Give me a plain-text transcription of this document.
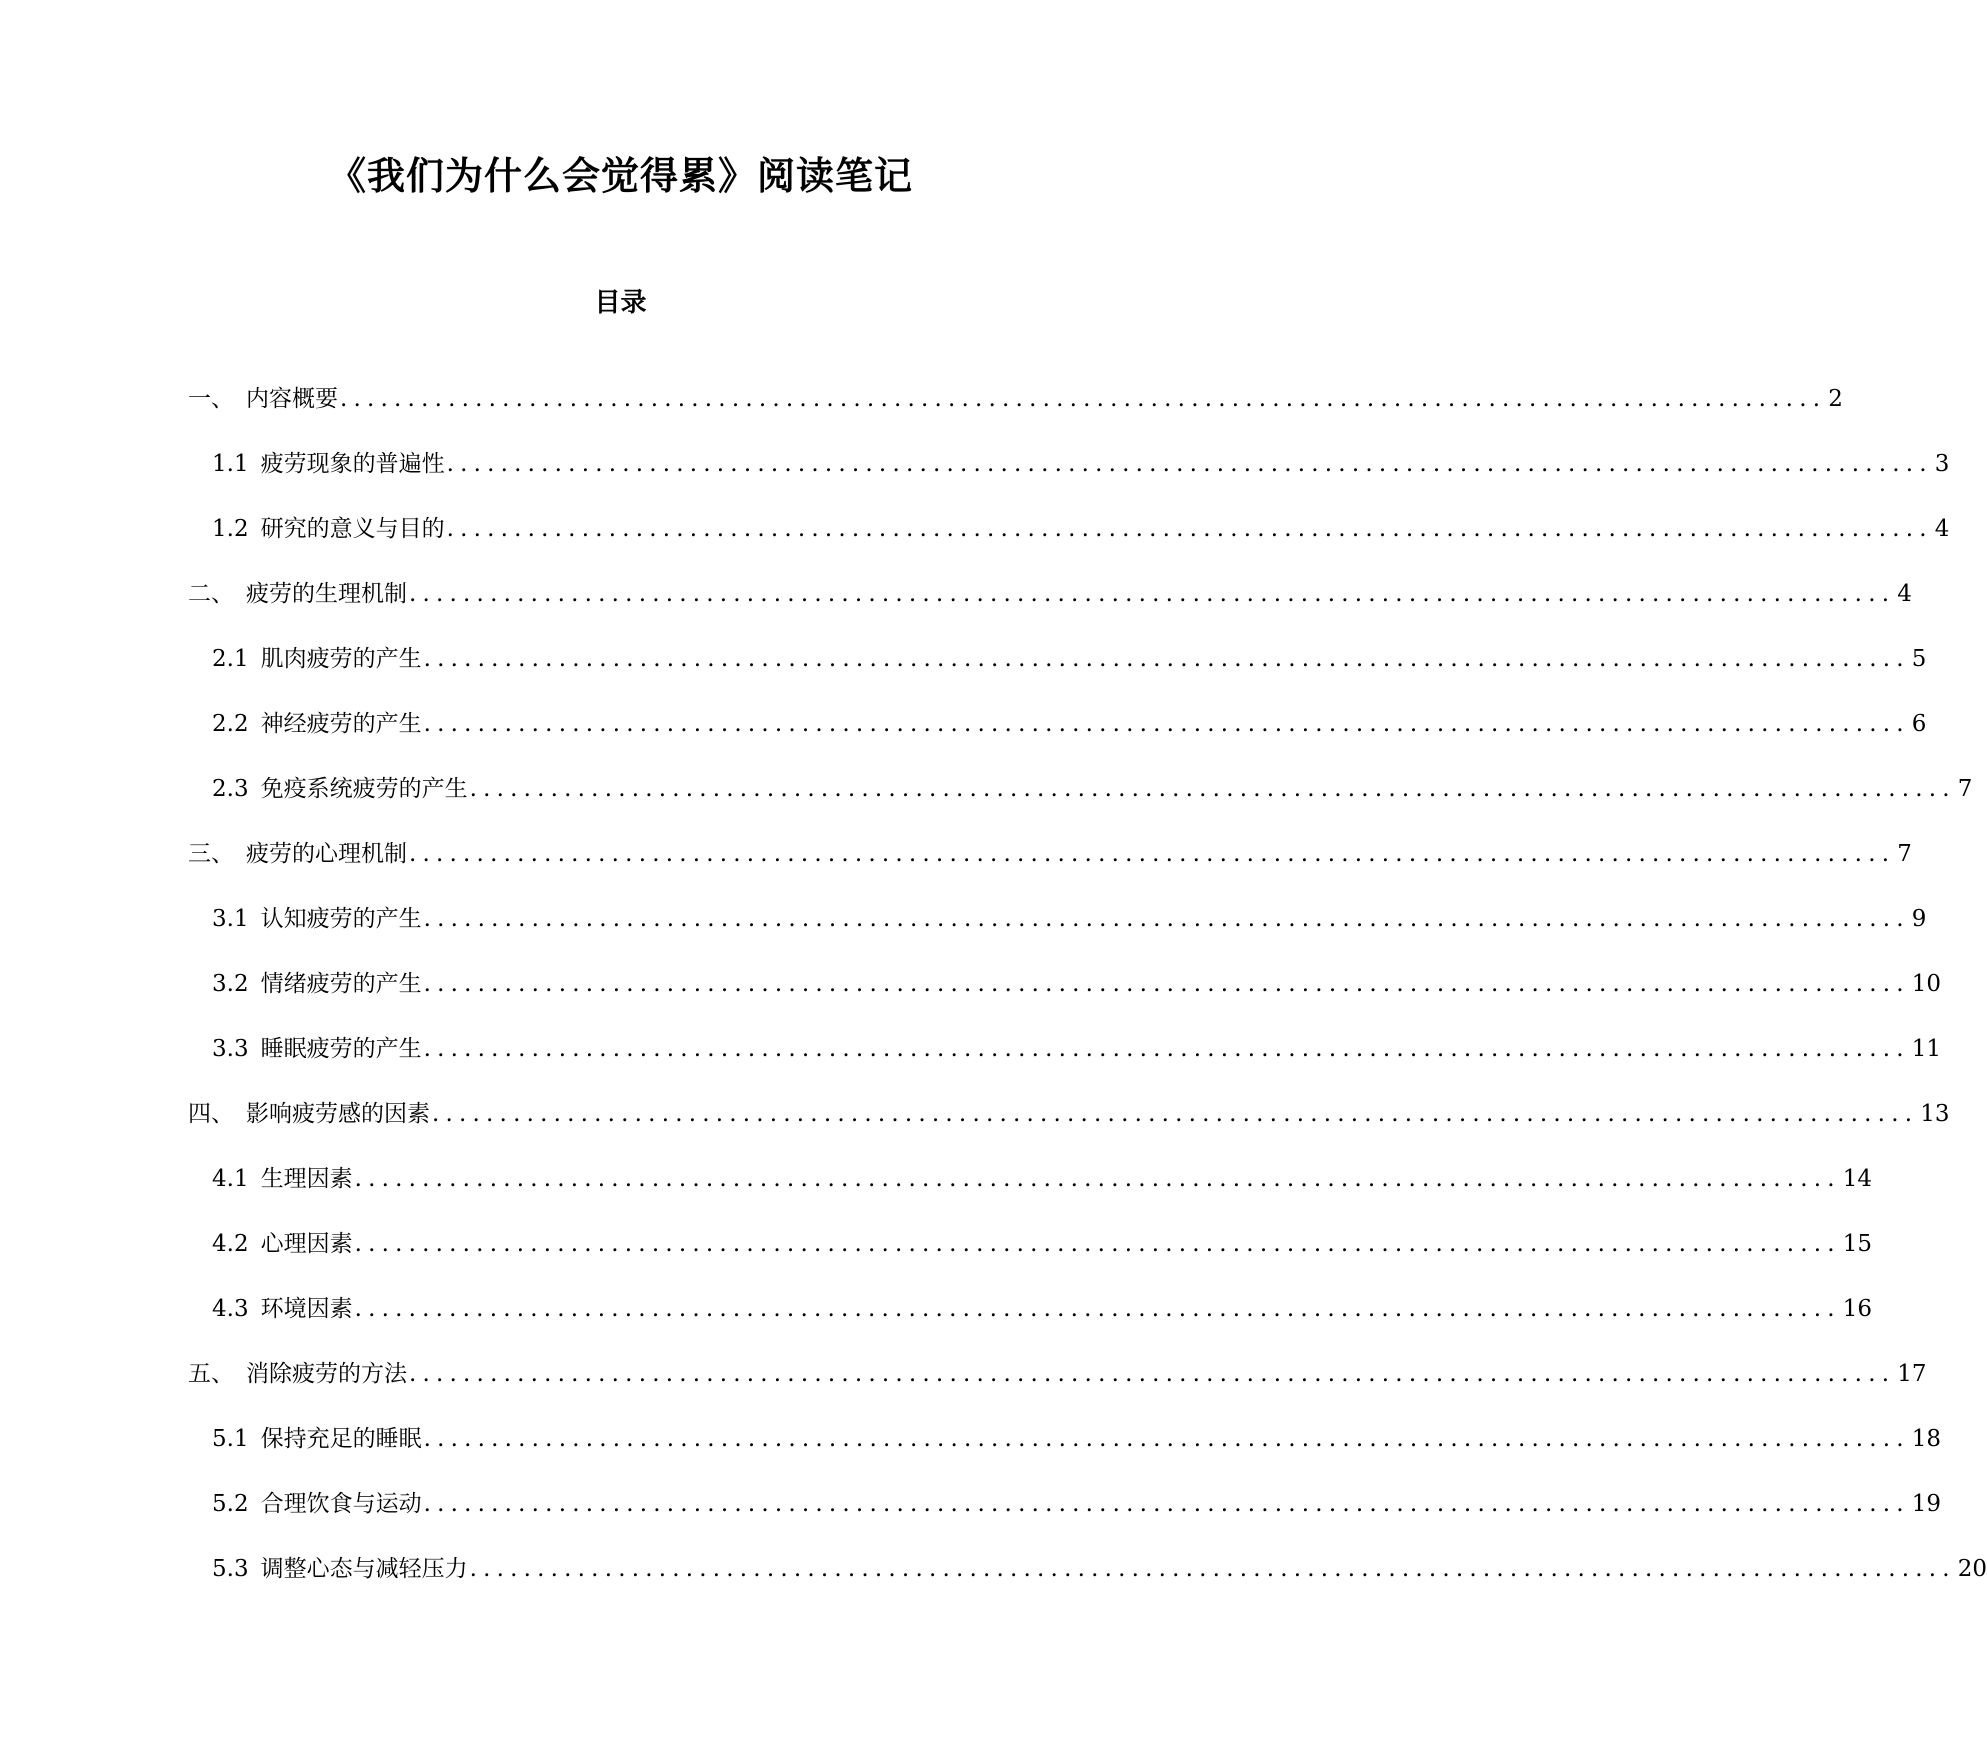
《我们为什么会觉得累》阅读笔记
目录
一、 内容概要 .............................................................................................................. 2
1.1 疲劳现象的普遍性 .............................................................................................................. 3
1.2 研究的意义与目的 .............................................................................................................. 4
二、 疲劳的生理机制 .............................................................................................................. 4
2.1 肌肉疲劳的产生 .............................................................................................................. 5
2.2 神经疲劳的产生 .............................................................................................................. 6
2.3 免疫系统疲劳的产生 .............................................................................................................. 7
三、 疲劳的心理机制 .............................................................................................................. 7
3.1 认知疲劳的产生 .............................................................................................................. 9
3.2 情绪疲劳的产生 .............................................................................................................. 10
3.3 睡眠疲劳的产生 .............................................................................................................. 11
四、 影响疲劳感的因素 .............................................................................................................. 13
4.1 生理因素 .............................................................................................................. 14
4.2 心理因素 .............................................................................................................. 15
4.3 环境因素 .............................................................................................................. 16
五、 消除疲劳的方法 .............................................................................................................. 17
5.1 保持充足的睡眠 .............................................................................................................. 18
5.2 合理饮食与运动 .............................................................................................................. 19
5.3 调整心态与减轻压力 .............................................................................................................. 20
